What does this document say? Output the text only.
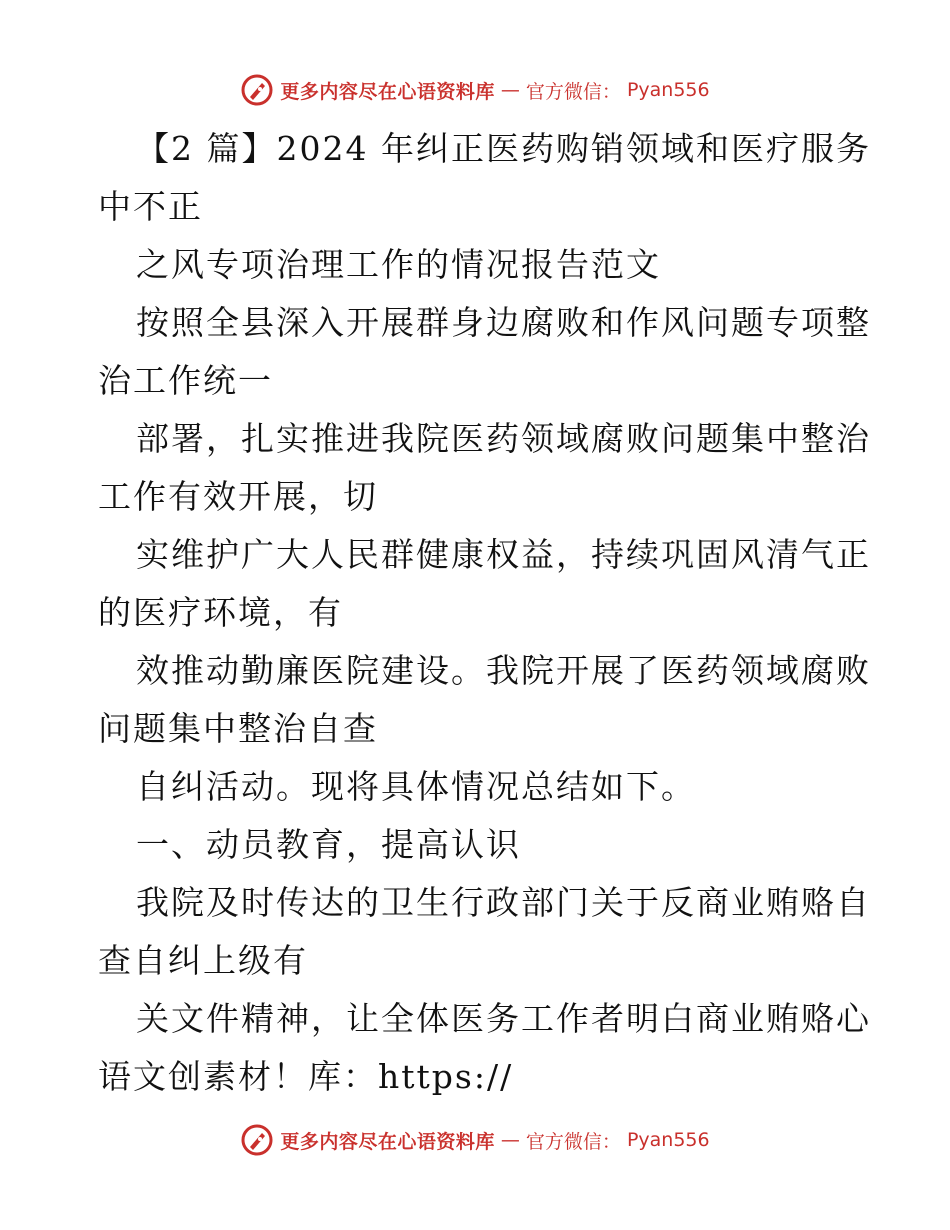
更多内容尽在心语资料库 — 官方微信： Pyan556
【2 篇】2024 年纠正医药购销领域和医疗服务
中不正
之风专项治理工作的情况报告范文
按照全县深入开展群身边腐败和作风问题专项整
治工作统一
部署，扎实推进我院医药领域腐败问题集中整治
工作有效开展，切
实维护广大人民群健康权益，持续巩固风清气正
的医疗环境，有
效推动勤廉医院建设。我院开展了医药领域腐败
问题集中整治自查
自纠活动。现将具体情况总结如下。
一、动员教育，提高认识
我院及时传达的卫生行政部门关于反商业贿赂自
查自纠上级有
关文件精神，让全体医务工作者明白商业贿赂心
语文创素材！库：https://
更多内容尽在心语资料库 — 官方微信： Pyan556
